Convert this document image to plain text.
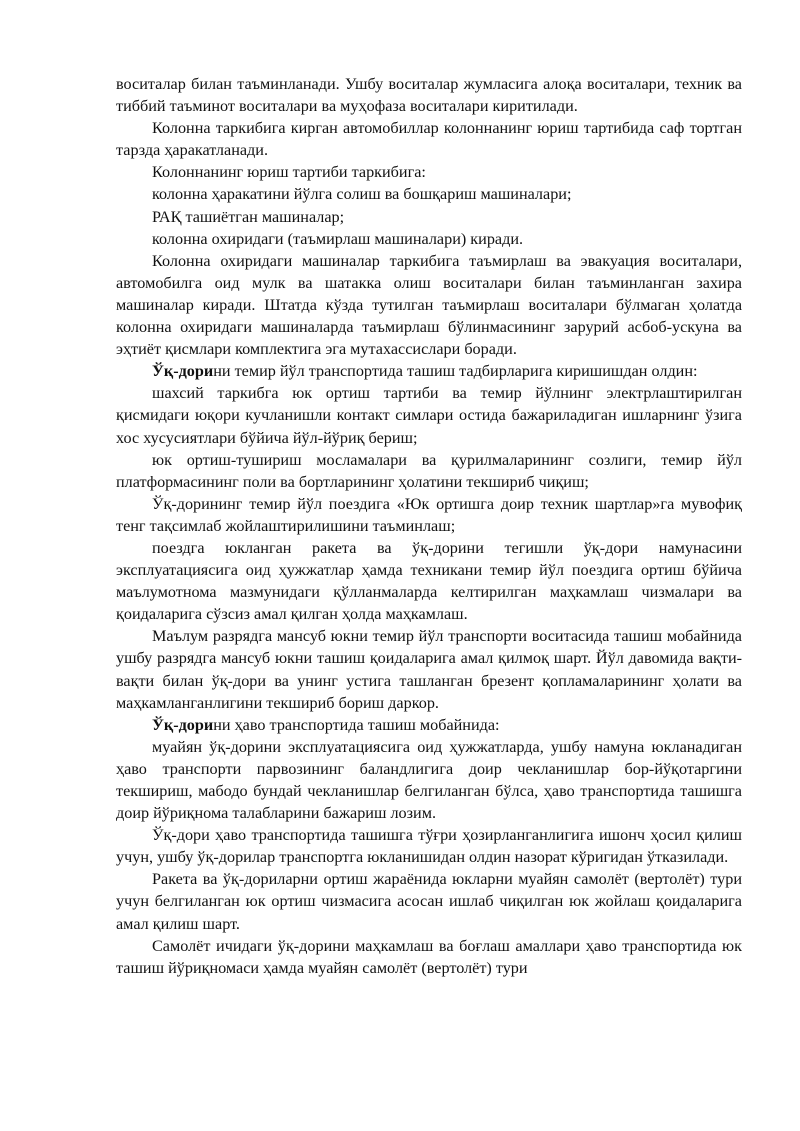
воситалар билан таъминланади. Ушбу воситалар жумласига алоқа воситалари, техник ва тиббий таъминот воситалари ва муҳофаза воситалари киритилади.

Колонна таркибига кирган автомобиллар колоннанинг юриш тартибида саф тортган тарзда ҳаракатланади.

Колоннанинг юриш тартиби таркибига:

колонна ҳаракатини йўлга солиш ва бошқариш машиналари;

РАҚ ташиётган машиналар;

колонна охиридаги (таъмирлаш машиналари) киради.

Колонна охиридаги машиналар таркибига таъмирлаш ва эвакуация воситалари, автомобилга оид мулк ва шатакка олиш воситалари билан таъминланган захира машиналар киради. Штатда кўзда тутилган таъмирлаш воситалари бўлмаган ҳолатда колонна охиридаги машиналарда таъмирлаш бўлинмасининг зарурий асбоб-ускуна ва эҳтиёт қисмлари комплектига эга мутахассислари боради.

Ўқ-дорини темир йўл транспортида ташиш тадбирларига киришишдан олдин:

шахсий таркибга юк ортиш тартиби ва темир йўлнинг электрлаштирилган қисмидаги юқори кучланишли контакт симлари остида бажариладиган ишларнинг ўзига хос хусусиятлари бўйича йўл-йўриқ бериш;

юк ортиш-тушириш мосламалари ва қурилмаларининг созлиги, темир йўл платформасининг поли ва бортларининг ҳолатини текшириб чиқиш;

Ўқ-дорининг темир йўл поездига «Юк ортишга доир техник шартлар»га мувофиқ тенг тақсимлаб жойлаштирилишини таъминлаш;

поездга юкланган ракета ва ўқ-дорини тегишли ўқ-дори намунасини эксплуатациясига оид ҳужжатлар ҳамда техникани темир йўл поездига ортиш бўйича маълумотнома мазмунидаги қўлланмаларда келтирилган маҳкамлаш чизмалари ва қоидаларига сўзсиз амал қилган ҳолда маҳкамлаш.

Маълум разрядга мансуб юкни темир йўл транспорти воситасида ташиш мобайнида ушбу разрядга мансуб юкни ташиш қоидаларига амал қилмоқ шарт. Йўл давомида вақти-вақти билан ўқ-дори ва унинг устига ташланган брезент қопламаларининг ҳолати ва маҳкамланганлигини текшириб бориш даркор.

Ўқ-дорини ҳаво транспортида ташиш мобайнида:

муайян ўқ-дорини эксплуатациясига оид ҳужжатларда, ушбу намуна юкланадиган ҳаво транспорти парвозининг баландлигига доир чекланишлар бор-йўқотаргини текшириш, мабодо бундай чекланишлар белгиланган бўлса, ҳаво транспортида ташишга доир йўриқнома талабларини бажариш лозим.

Ўқ-дори ҳаво транспортида ташишга тўғри ҳозирланганлигига ишонч ҳосил қилиш учун, ушбу ўқ-дорилар транспортга юкланишидан олдин назорат кўригидан ўтказилади.

Ракета ва ўқ-дориларни ортиш жараёнида юкларни муайян самолёт (вертолёт) тури учун белгиланган юк ортиш чизмасига асосан ишлаб чиқилган юк жойлаш қоидаларига амал қилиш шарт.

Самолёт ичидаги ўқ-дорини маҳкамлаш ва боғлаш амаллари ҳаво транспортида юк ташиш йўриқномаси ҳамда муайян самолёт (вертолёт) тури
